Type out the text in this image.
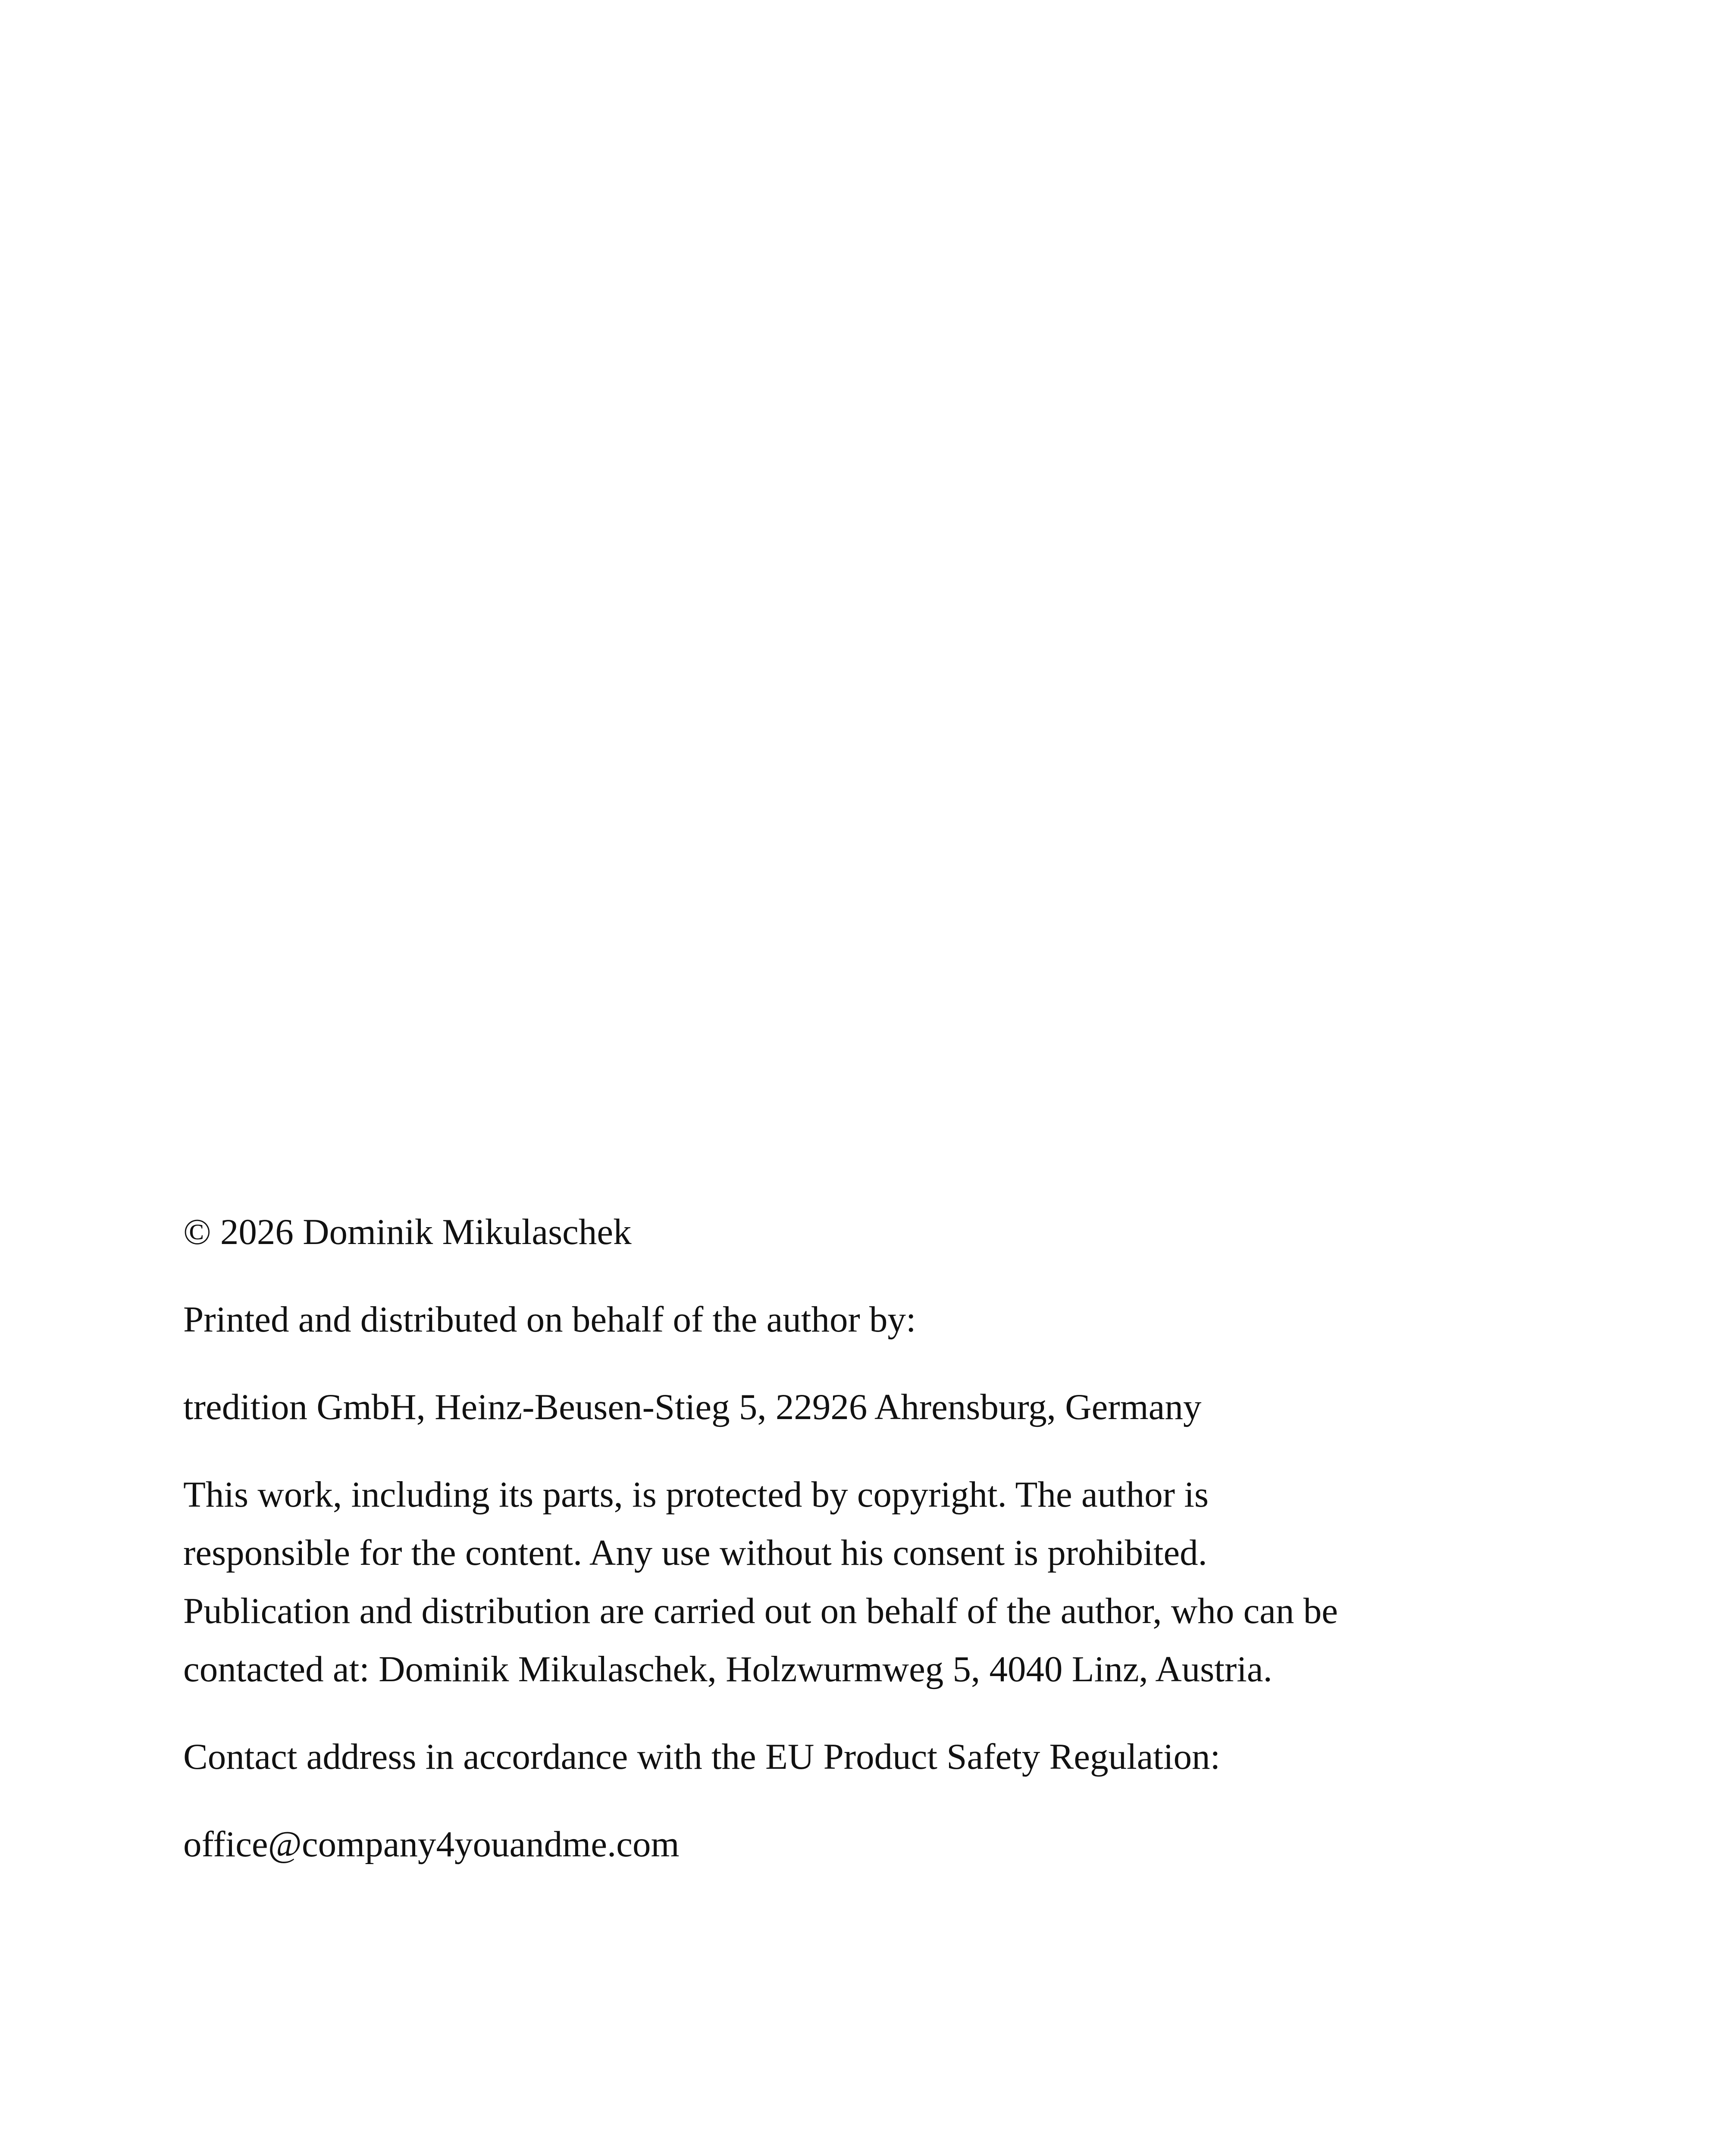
© 2026 Dominik Mikulaschek

Printed and distributed on behalf of the author by:

tredition GmbH, Heinz-Beusen-Stieg 5, 22926 Ahrensburg, Germany

This work, including its parts, is protected by copyright. The author is
responsible for the content. Any use without his consent is prohibited.
Publication and distribution are carried out on behalf of the author, who can be
contacted at: Dominik Mikulaschek, Holzwurmweg 5, 4040 Linz, Austria.

Contact address in accordance with the EU Product Safety Regulation:

office@company4youandme.com
